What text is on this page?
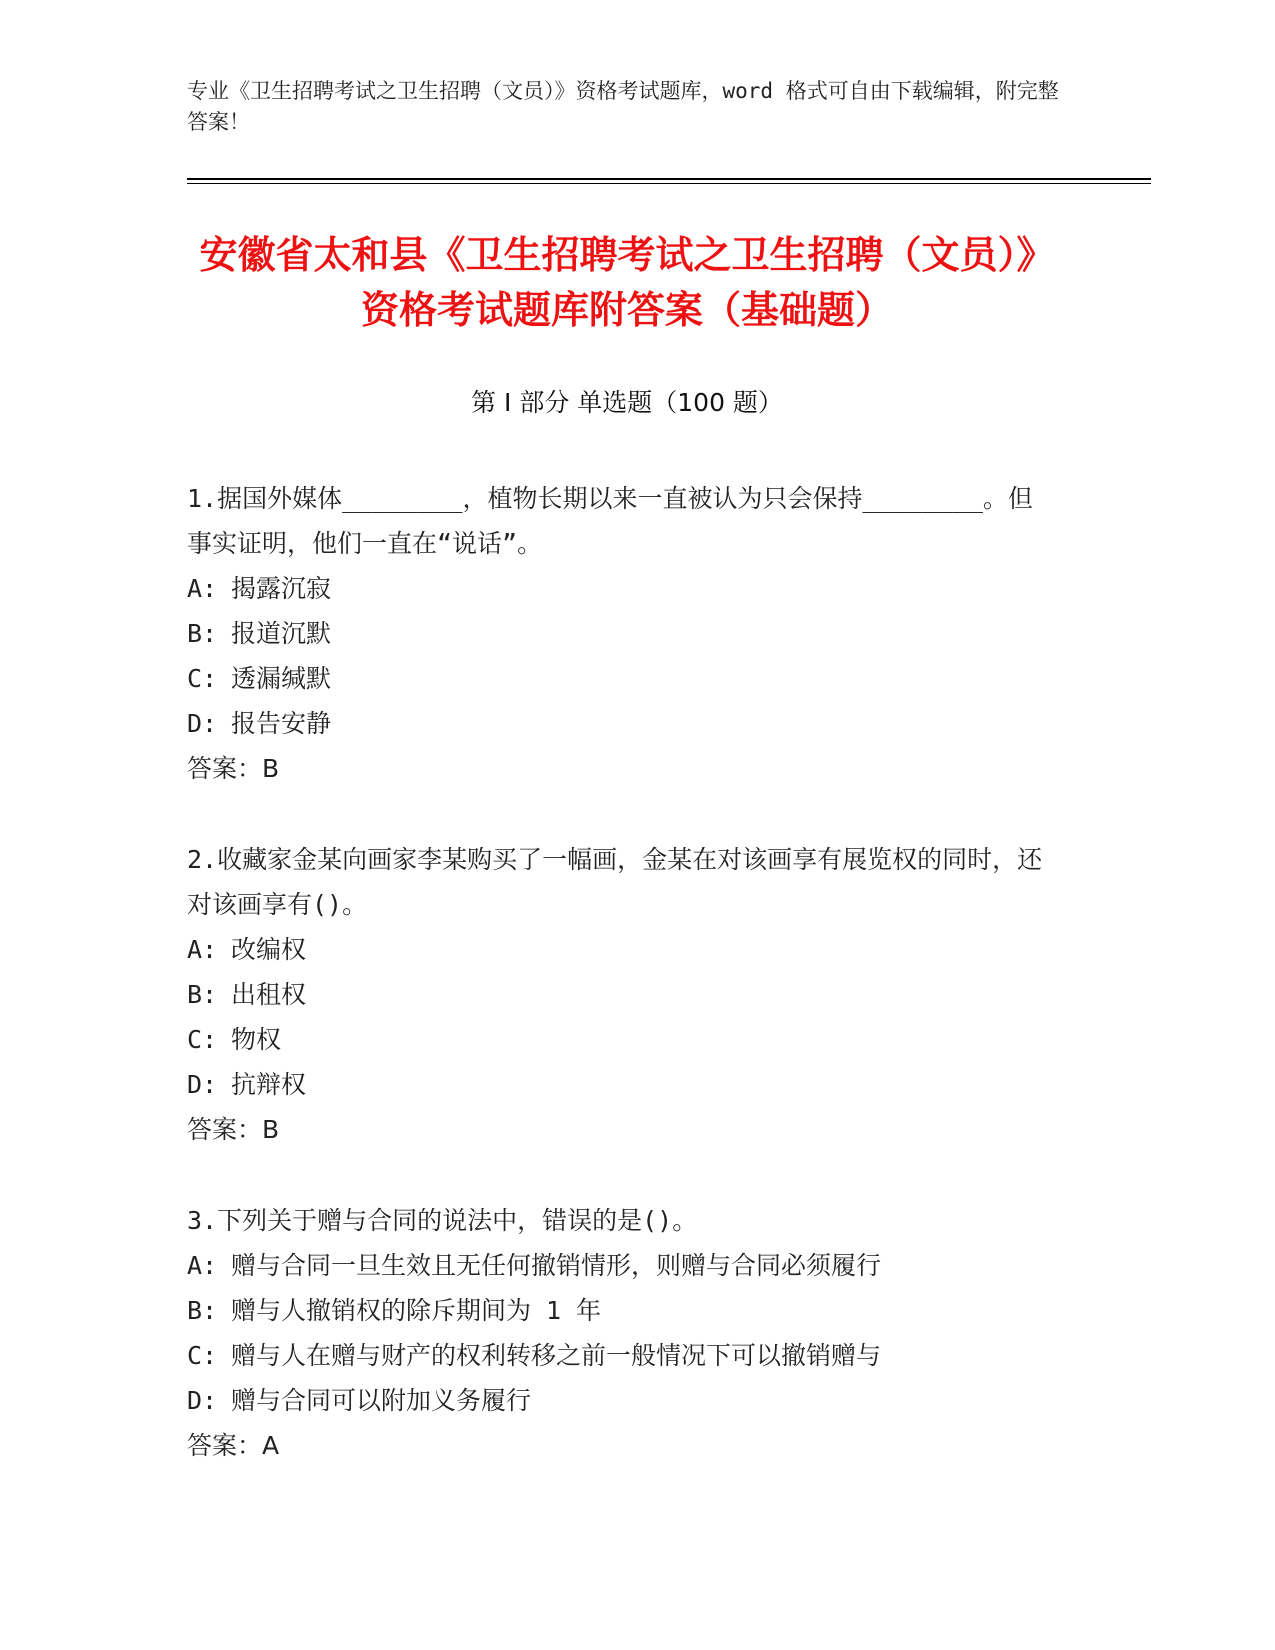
专业《卫生招聘考试之卫生招聘（文员）》资格考试题库，word 格式可自由下载编辑，附完整答案！
安徽省太和县《卫生招聘考试之卫生招聘（文员）》资格考试题库附答案（基础题）
第 I 部分 单选题（100 题）

1.据国外媒体________，植物长期以来一直被认为只会保持________。但事实证明，他们一直在“说话”。

A: 揭露沉寂

B: 报道沉默

C: 透漏缄默

D: 报告安静

答案：B

2.收藏家金某向画家李某购买了一幅画，金某在对该画享有展览权的同时，还对该画享有()。

A: 改编权

B: 出租权

C: 物权

D: 抗辩权

答案：B

3.下列关于赠与合同的说法中，错误的是()。

A: 赠与合同一旦生效且无任何撤销情形，则赠与合同必须履行

B: 赠与人撤销权的除斥期间为 1 年

C: 赠与人在赠与财产的权利转移之前一般情况下可以撤销赠与

D: 赠与合同可以附加义务履行

答案：A
